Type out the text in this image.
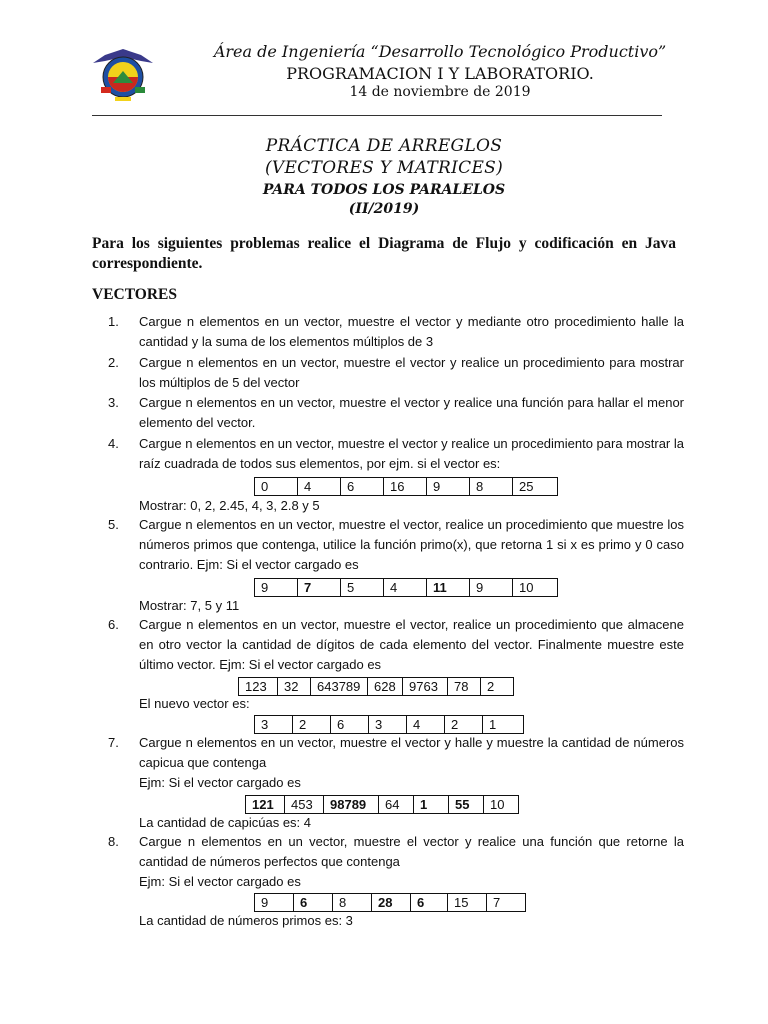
Área de Ingeniería “Desarrollo Tecnológico Productivo”
PROGRAMACION I Y LABORATORIO.
14 de noviembre de 2019
PRÁCTICA DE ARREGLOS
(VECTORES Y MATRICES)
PARA TODOS LOS PARALELOS
(II/2019)
Para los siguientes problemas realice el Diagrama de Flujo y codificación en Java correspondiente.
VECTORES
1.	Cargue n elementos en un vector, muestre el vector y mediante otro procedimiento halle la cantidad y la suma de los elementos múltiplos de 3
2.	Cargue n elementos en un vector, muestre el vector y realice un procedimiento para mostrar los múltiplos de 5 del vector
3.	Cargue n elementos en un vector, muestre el vector y realice una función para hallar el menor elemento del vector.
4.	Cargue n elementos en un vector, muestre el vector y realice un procedimiento para mostrar la raíz cuadrada de todos sus elementos, por ejm. si el vector es:
0	4	6	16	9	8	25
Mostrar: 0, 2, 2.45, 4, 3, 2.8 y 5
5.	Cargue n elementos en un vector, muestre el vector, realice un procedimiento que muestre los números primos que contenga, utilice la función primo(x), que retorna 1 si x es primo y 0 caso contrario. Ejm: Si el vector cargado es
9	7	5	4	11	9	10
Mostrar: 7, 5 y 11
6.	Cargue n elementos en un vector, muestre el vector, realice un procedimiento que almacene en otro vector la cantidad de dígitos de cada elemento del vector. Finalmente muestre este último vector. Ejm: Si el vector cargado es
123	32	643789	628	9763	78	2
El nuevo vector es:
3	2	6	3	4	2	1
7.	Cargue n elementos en un vector, muestre el vector y halle y muestre la cantidad de números capicua que contenga
Ejm: Si el vector cargado es
121	453	98789	64	1	55	10
La cantidad de capicúas es: 4
8.	Cargue n elementos en un vector, muestre el vector y realice una función que retorne la cantidad de números perfectos que contenga
Ejm: Si el vector cargado es
9	6	8	28	6	15	7
La cantidad de números primos es: 3
